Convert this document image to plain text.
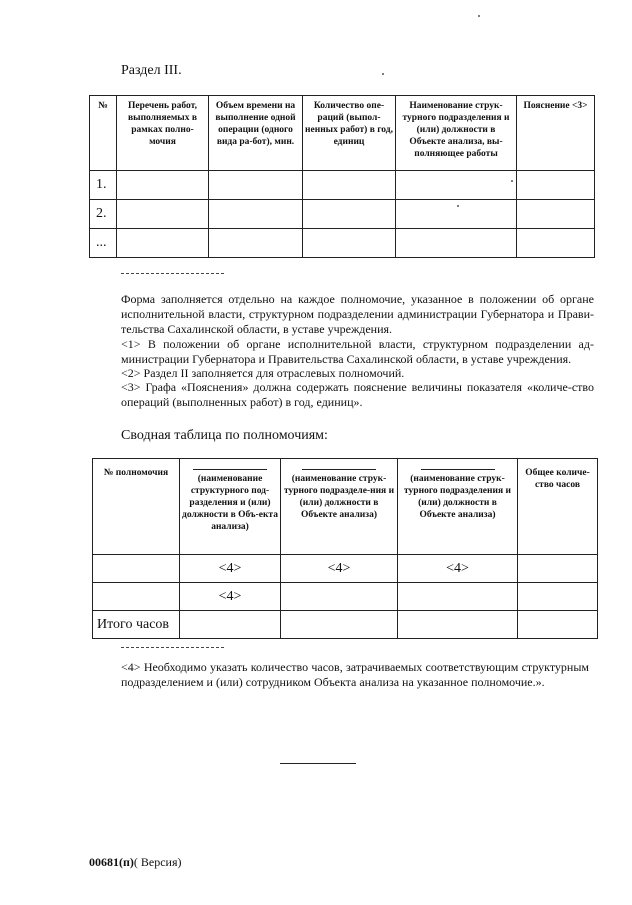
Раздел III.
№	Перечень работ, выполняемых в рамках полно-мочия	Объем времени на выполнение одной операции (одного вида ра-бот), мин.	Количество опе-раций (выпол-ненных работ) в год, единиц	Наименование струк-турного подразделения и (или) должности в Объекте анализа, вы-полняющее работы	Пояснение <3>
1.					
2.					
...					
Форма заполняется отдельно на каждое полномочие, указанное в положении об органе исполнительной власти, структурном подразделении администрации Губернатора и Прави-тельства Сахалинской области, в уставе учреждения.
<1> В положении об органе исполнительной власти, структурном подразделении ад-министрации Губернатора и Правительства Сахалинской области, в уставе учреждения.
<2> Раздел II заполняется для отраслевых полномочий.
<3> Графа «Пояснения» должна содержать пояснение величины показателя «количе-ство операций (выполненных работ) в год, единиц».
Сводная таблица по полномочиям:
№ полномочия	(наименование структурного под-разделения и (или) должности в Объ-екта анализа)	(наименование струк-турного подразделе-ния и (или) должности в Объекте анализа)	(наименование струк-турного подразделения и (или) должности в Объекте анализа)	Общее количе-ство часов
	<4>	<4>	<4>	
	<4>			
Итого часов				
<4> Необходимо указать количество часов, затрачиваемых соответствующим структурным подразделением и (или) сотрудником Объекта анализа на указанное полномочие.».
00681(п)( Версия)
